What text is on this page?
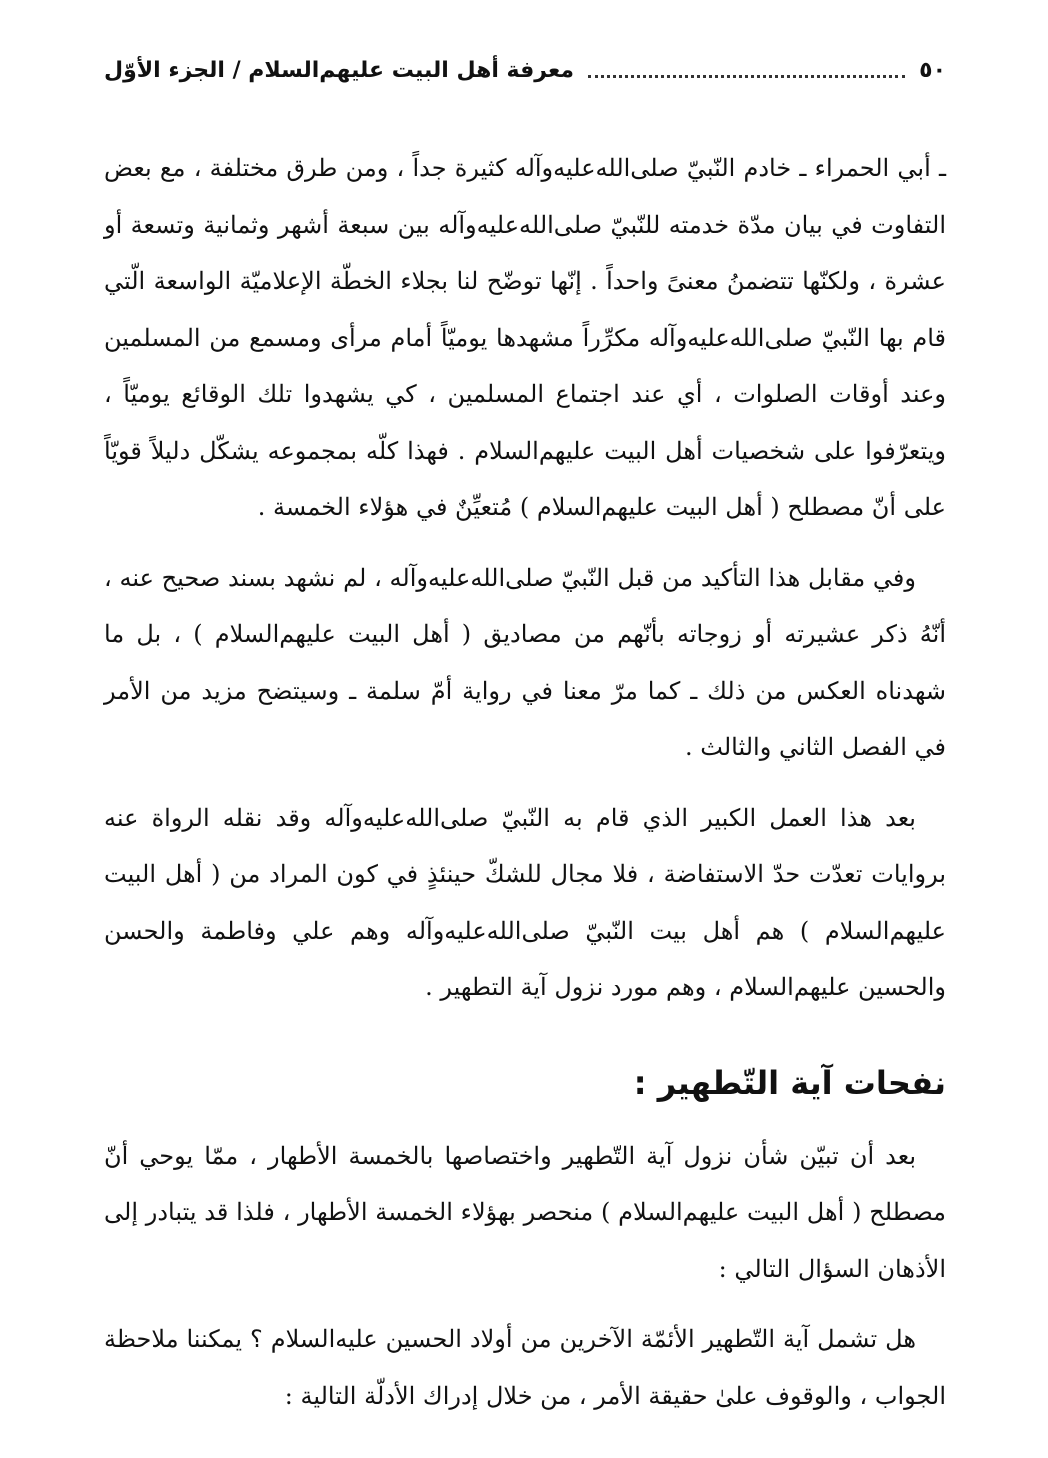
٥٠
معرفة أهل البيت عليهم‌السلام / الجزء الأوّل

ـ أبي الحمراء ـ خادم النّبيّ صلى‌الله‌عليه‌وآله كثيرة جداً ، ومن طرق مختلفة ، مع بعض التفاوت في بيان مدّة خدمته للنّبيّ صلى‌الله‌عليه‌وآله بين سبعة أشهر وثمانية وتسعة أو عشرة ، ولكنّها تتضمنُ معنىً واحداً . إنّها توضّح لنا بجلاء الخطّة الإعلاميّة الواسعة الّتي قام بها النّبيّ صلى‌الله‌عليه‌وآله مكرِّراً مشهدها يوميّاً أمام مرأى ومسمع من المسلمين وعند أوقات الصلوات ، أي عند اجتماع المسلمين ، كي يشهدوا تلك الوقائع يوميّاً ، ويتعرّفوا على شخصيات أهل البيت عليهم‌السلام . فهذا كلّه بمجموعه يشكّل دليلاً قويّاً على أنّ مصطلح ( أهل البيت عليهم‌السلام ) مُتعيِّنٌ في هؤلاء الخمسة .

وفي مقابل هذا التأكيد من قبل النّبيّ صلى‌الله‌عليه‌وآله ، لم نشهد بسند صحيح عنه ، أنّهُ ذكر عشيرته أو زوجاته بأنّهم من مصاديق ( أهل البيت عليهم‌السلام ) ، بل ما شهدناه العكس من ذلك ـ كما مرّ معنا في رواية أمّ سلمة ـ وسيتضح مزيد من الأمر في الفصل الثاني والثالث .

بعد هذا العمل الكبير الذي قام به النّبيّ صلى‌الله‌عليه‌وآله وقد نقله الرواة عنه بروايات تعدّت حدّ الاستفاضة ، فلا مجال للشكّ حينئذٍ في كون المراد من ( أهل البيت عليهم‌السلام ) هم أهل بيت النّبيّ صلى‌الله‌عليه‌وآله وهم علي وفاطمة والحسن والحسين عليهم‌السلام ، وهم مورد نزول آية التطهير .

نفحات آية التّطهير :

بعد أن تبيّن شأن نزول آية التّطهير واختصاصها بالخمسة الأطهار ، ممّا يوحي أنّ مصطلح ( أهل البيت عليهم‌السلام ) منحصر بهؤلاء الخمسة الأطهار ، فلذا قد يتبادر إلى الأذهان السؤال التالي :

هل تشمل آية التّطهير الأئمّة الآخرين من أولاد الحسين عليه‌السلام ؟ يمكننا ملاحظة الجواب ، والوقوف علىٰ حقيقة الأمر ، من خلال إدراك الأدلّة التالية :
